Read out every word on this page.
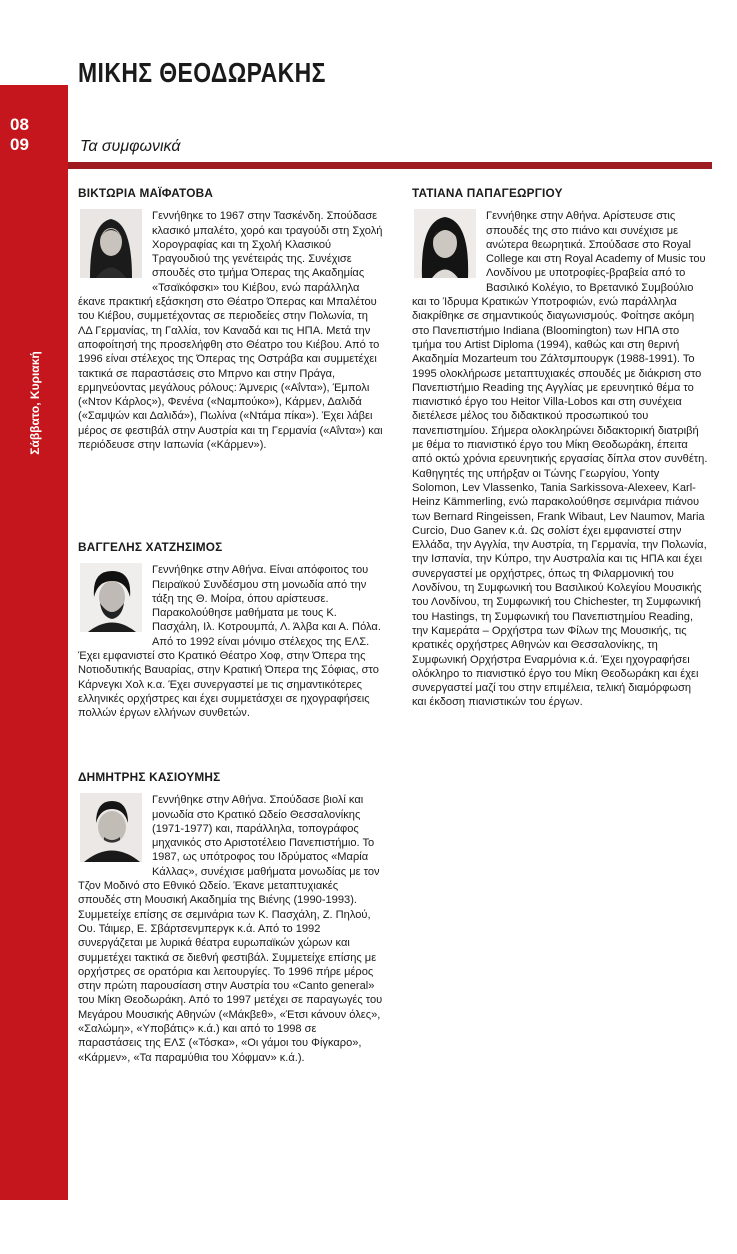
08
09
Σάββατο, Κυριακή
42
ΜΙΚΗΣ ΘΕΟΔΩΡΑΚΗΣ
Τα συμφωνικά
ΒΙΚΤΩΡΙΑ ΜΑΪΦΑΤΟΒΑ

Γεννήθηκε το 1967 στην Τασκένδη. Σπούδασε κλασικό μπαλέτο, χορό και τραγούδι στη Σχολή Χορογραφίας και τη Σχολή Κλασικού Τραγουδιού της γενέτειράς της. Συνέχισε σπουδές στο τμήμα Όπερας της Ακαδημίας «Τσαϊκόφσκι» του Κιέβου, ενώ παράλληλα έκανε πρακτική εξάσκηση στο Θέατρο Όπερας και Μπαλέτου του Κιέβου, συμμετέχοντας σε περιοδείες στην Πολωνία, τη ΛΔ Γερμανίας, τη Γαλλία, τον Καναδά και τις ΗΠΑ. Μετά την αποφοίτησή της προσελήφθη στο Θέατρο του Κιέβου. Από το 1996 είναι στέλεχος της Όπερας της Οστράβα και συμμετέχει τακτικά σε παραστάσεις στο Μπρνο και στην Πράγα, ερμηνεύοντας μεγάλους ρόλους: Άμνερις («Αΐντα»), Έμπολι («Ντον Κάρλος»), Φενένα («Ναμπούκο»), Κάρμεν, Δαλιδά («Σαμψών και Δαλιδά»), Πωλίνα («Ντάμα πίκα»). Έχει λάβει μέρος σε φεστιβάλ στην Αυστρία και τη Γερμανία («Αΐντα») και περιόδευσε στην Ιαπωνία («Κάρμεν»).

ΒΑΓΓΕΛΗΣ ΧΑΤΖΗΣΙΜΟΣ

Γεννήθηκε στην Αθήνα. Είναι απόφοιτος του Πειραϊκού Συνδέσμου στη μονωδία από την τάξη της Θ. Μοίρα, όπου αρίστευσε. Παρακολούθησε μαθήματα με τους Κ. Πασχάλη, Ιλ. Κοτρουμπά, Λ. Άλβα και Α. Πόλα. Από το 1992 είναι μόνιμο στέλεχος της ΕΛΣ. Έχει εμφανιστεί στο Κρατικό Θέατρο Χοφ, στην Όπερα της Νοτιοδυτικής Βαυαρίας, στην Κρατική Όπερα της Σόφιας, στο Κάρνεγκι Χολ κ.α. Έχει συνεργαστεί με τις σημαντικότερες ελληνικές ορχήστρες και έχει συμμετάσχει σε ηχογραφήσεις πολλών έργων ελλήνων συνθετών.

ΔΗΜΗΤΡΗΣ ΚΑΣΙΟΥΜΗΣ

Γεννήθηκε στην Αθήνα. Σπούδασε βιολί και μονωδία στο Κρατικό Ωδείο Θεσσαλονίκης (1971-1977) και, παράλληλα, τοπογράφος μηχανικός στο Αριστοτέλειο Πανεπιστήμιο. Το 1987, ως υπότροφος του Ιδρύματος «Μαρία Κάλλας», συνέχισε μαθήματα μονωδίας με τον Τζον Μοδινό στο Εθνικό Ωδείο. Έκανε μεταπτυχιακές σπουδές στη Μουσική Ακαδημία της Βιένης (1990-1993). Συμμετείχε επίσης σε σεμινάρια των Κ. Πασχάλη, Ζ. Πηλού, Ου. Τάιμερ, Ε. Σβάρτσενμπεργκ κ.ά. Από το 1992 συνεργάζεται με λυρικά θέατρα ευρωπαϊκών χώρων και συμμετέχει τακτικά σε διεθνή φεστιβάλ. Συμμετείχε επίσης με ορχήστρες σε ορατόρια και λειτουργίες. Το 1996 πήρε μέρος στην πρώτη παρουσίαση στην Αυστρία του «Canto general» του Μίκη Θεοδωράκη. Από το 1997 μετέχει σε παραγωγές του Μεγάρου Μουσικής Αθηνών («Μάκβεθ», «Έτσι κάνουν όλες», «Σαλώμη», «Υποβάτις» κ.ά.) και από το 1998 σε παραστάσεις της ΕΛΣ («Τόσκα», «Οι γάμοι του Φίγκαρο», «Κάρμεν», «Τα παραμύθια του Χόφμαν» κ.ά.).

ΤΑΤΙΑΝΑ ΠΑΠΑΓΕΩΡΓΙΟΥ

Γεννήθηκε στην Αθήνα. Αρίστευσε στις σπουδές της στο πιάνο και συνέχισε με ανώτερα θεωρητικά. Σπούδασε στο Royal College και στη Royal Academy of Music του Λονδίνου με υποτροφίες-βραβεία από το Βασιλικό Κολέγιο, το Βρετανικό Συμβούλιο και το Ίδρυμα Κρατικών Υποτροφιών, ενώ παράλληλα διακρίθηκε σε σημαντικούς διαγωνισμούς. Φοίτησε ακόμη στο Πανεπιστήμιο Indiana (Bloomington) των ΗΠΑ στο τμήμα του Artist Diploma (1994), καθώς και στη θερινή Ακαδημία Mozarteum του Ζάλτσμπουργκ (1988-1991). Το 1995 ολοκλήρωσε μεταπτυχιακές σπουδές με διάκριση στο Πανεπιστήμιο Reading της Αγγλίας με ερευνητικό θέμα το πιανιστικό έργο του Heitor Villa-Lobos και στη συνέχεια διετέλεσε μέλος του διδακτικού προσωπικού του πανεπιστημίου. Σήμερα ολοκληρώνει διδακτορική διατριβή με θέμα το πιανιστικό έργο του Μίκη Θεοδωράκη, έπειτα από οκτώ χρόνια ερευνητικής εργασίας δίπλα στον συνθέτη. Καθηγητές της υπήρξαν οι Τώνης Γεωργίου, Yonty Solomon, Lev Vlassenko, Tania Sarkissova-Alexeev, Karl-Heinz Kämmerling, ενώ παρακολούθησε σεμινάρια πιάνου των Bernard Ringeissen, Frank Wibaut, Lev Naumov, Maria Curcio, Duo Ganev κ.ά. Ως σολίστ έχει εμφανιστεί στην Ελλάδα, την Αγγλία, την Αυστρία, τη Γερμανία, την Πολωνία, την Ισπανία, την Κύπρο, την Αυστραλία και τις ΗΠΑ και έχει συνεργαστεί με ορχήστρες, όπως τη Φιλαρμονική του Λονδίνου, τη Συμφωνική του Βασιλικού Κολεγίου Μουσικής του Λονδίνου, τη Συμφωνική του Chichester, τη Συμφωνική του Hastings, τη Συμφωνική του Πανεπιστημίου Reading, την Καμεράτα – Ορχήστρα των Φίλων της Μουσικής, τις κρατικές ορχήστρες Αθηνών και Θεσσαλονίκης, τη Συμφωνική Ορχήστρα Εναρμόνια κ.ά. Έχει ηχογραφήσει ολόκληρο το πιανιστικό έργο του Μίκη Θεοδωράκη και έχει συνεργαστεί μαζί του στην επιμέλεια, τελική διαμόρφωση και έκδοση πιανιστικών του έργων.
